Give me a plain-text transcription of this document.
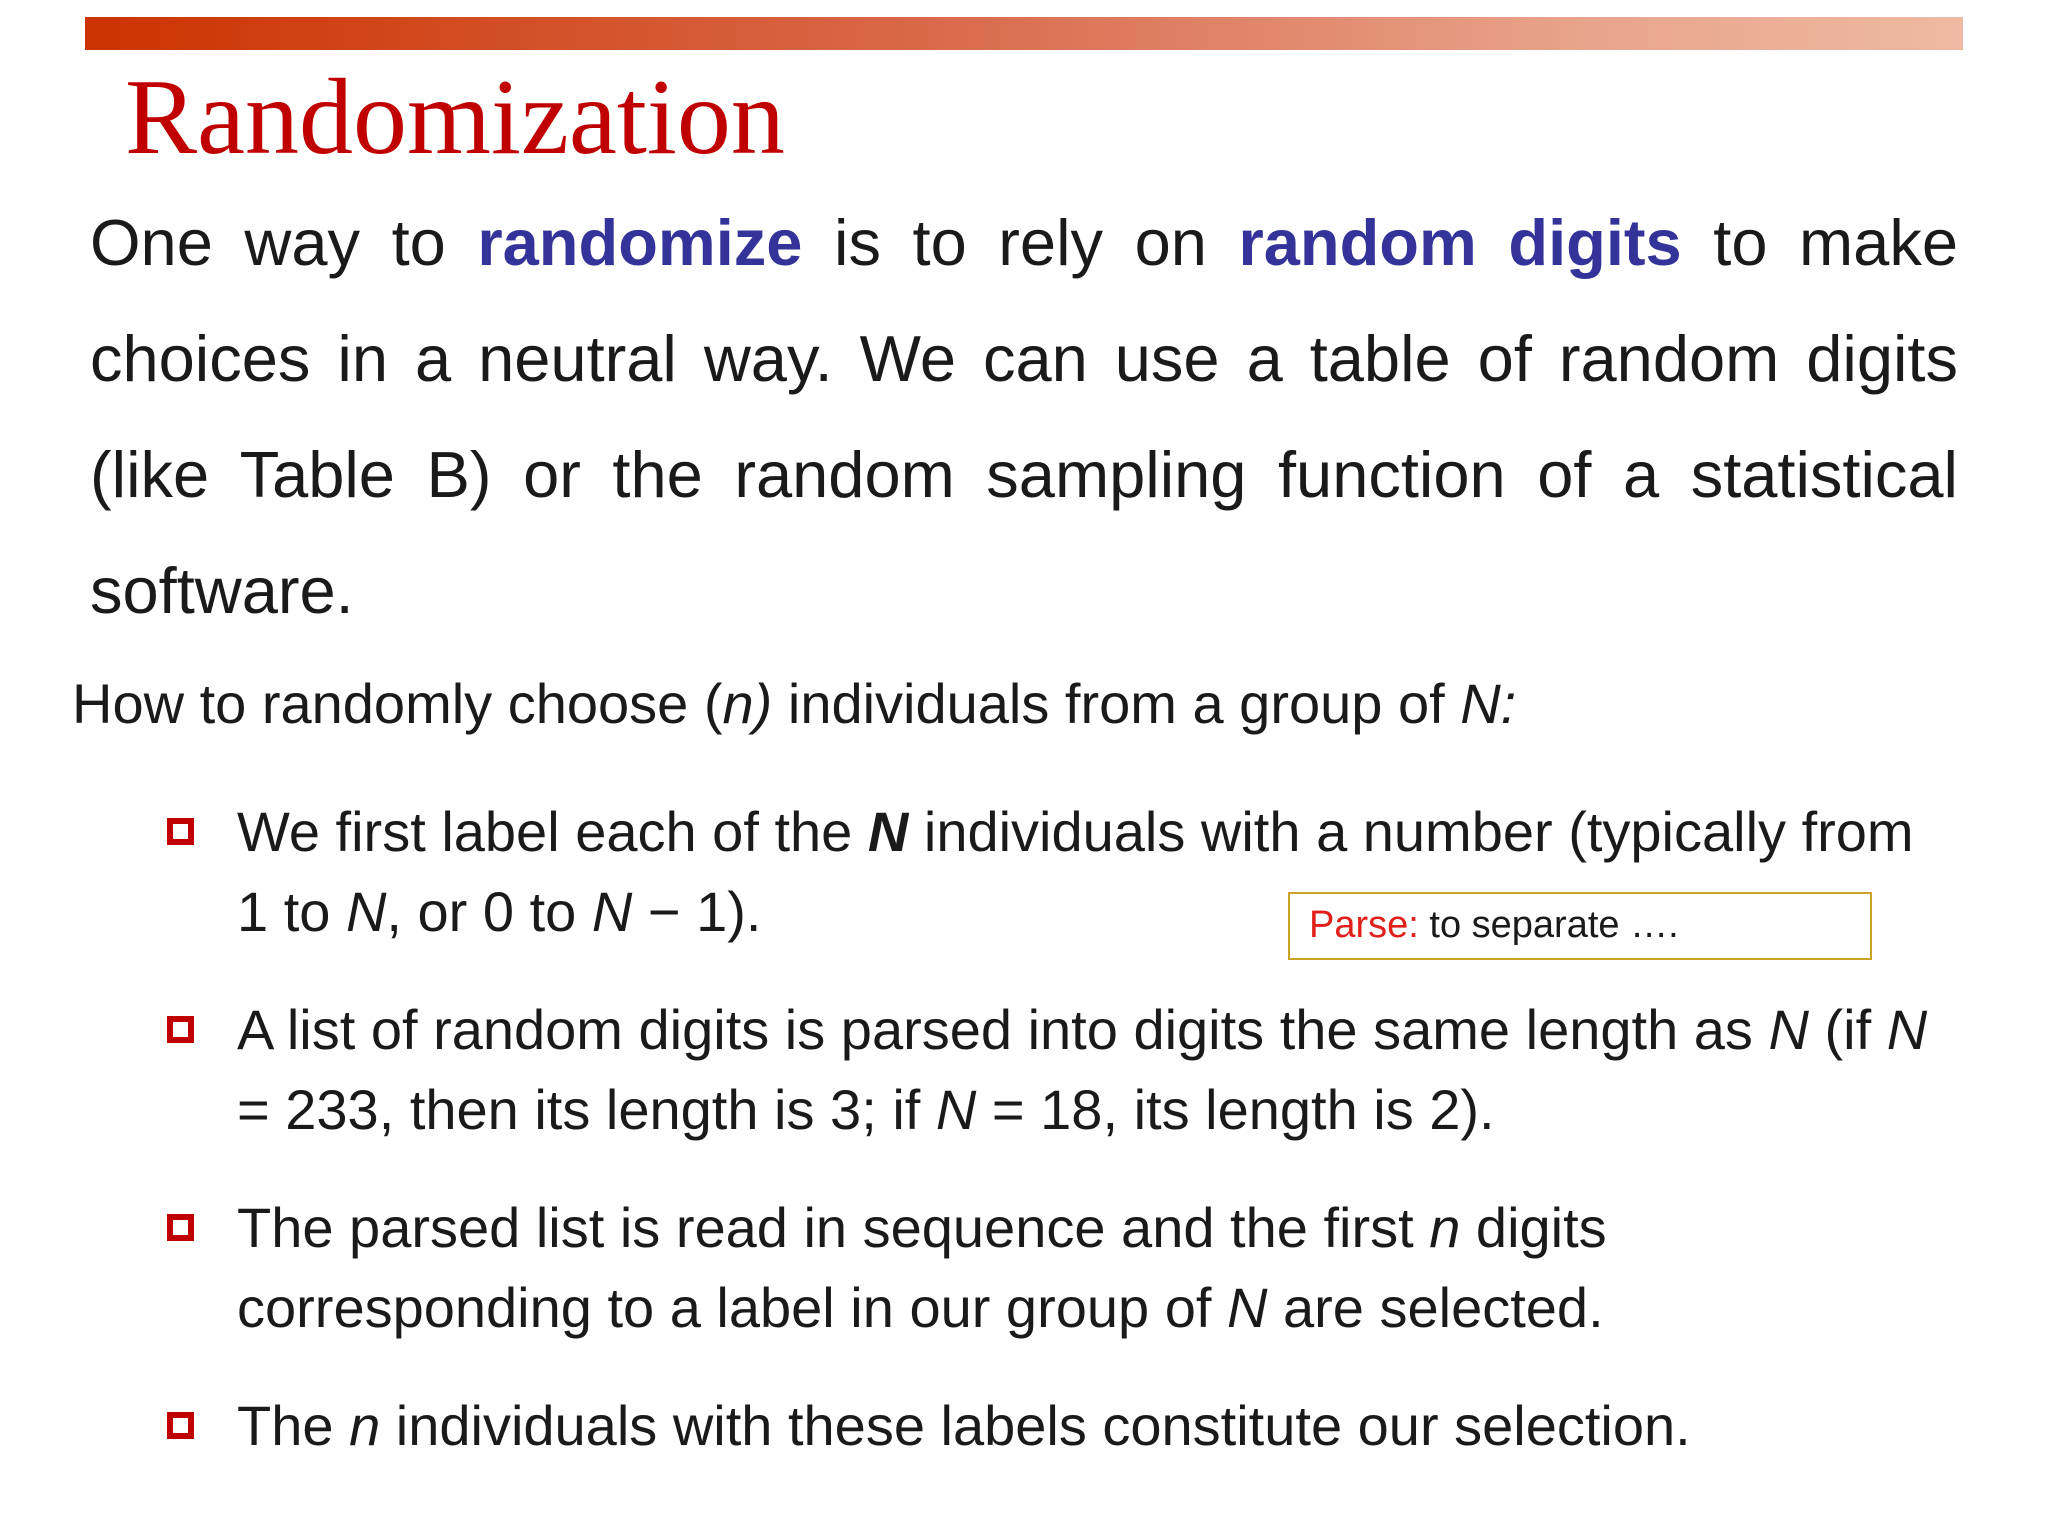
Randomization

One way to randomize is to rely on random digits to make choices in a neutral way. We can use a table of random digits (like Table B) or the random sampling function of a statistical software.

How to randomly choose (n) individuals from a group of N:

We first label each of the N individuals with a number (typically from 1 to N, or 0 to N − 1).
A list of random digits is parsed into digits the same length as N (if N = 233, then its length is 3; if N = 18, its length is 2).
The parsed list is read in sequence and the first n digits corresponding to a label in our group of N are selected.
The n individuals with these labels constitute our selection.
Parse: to separate ….
